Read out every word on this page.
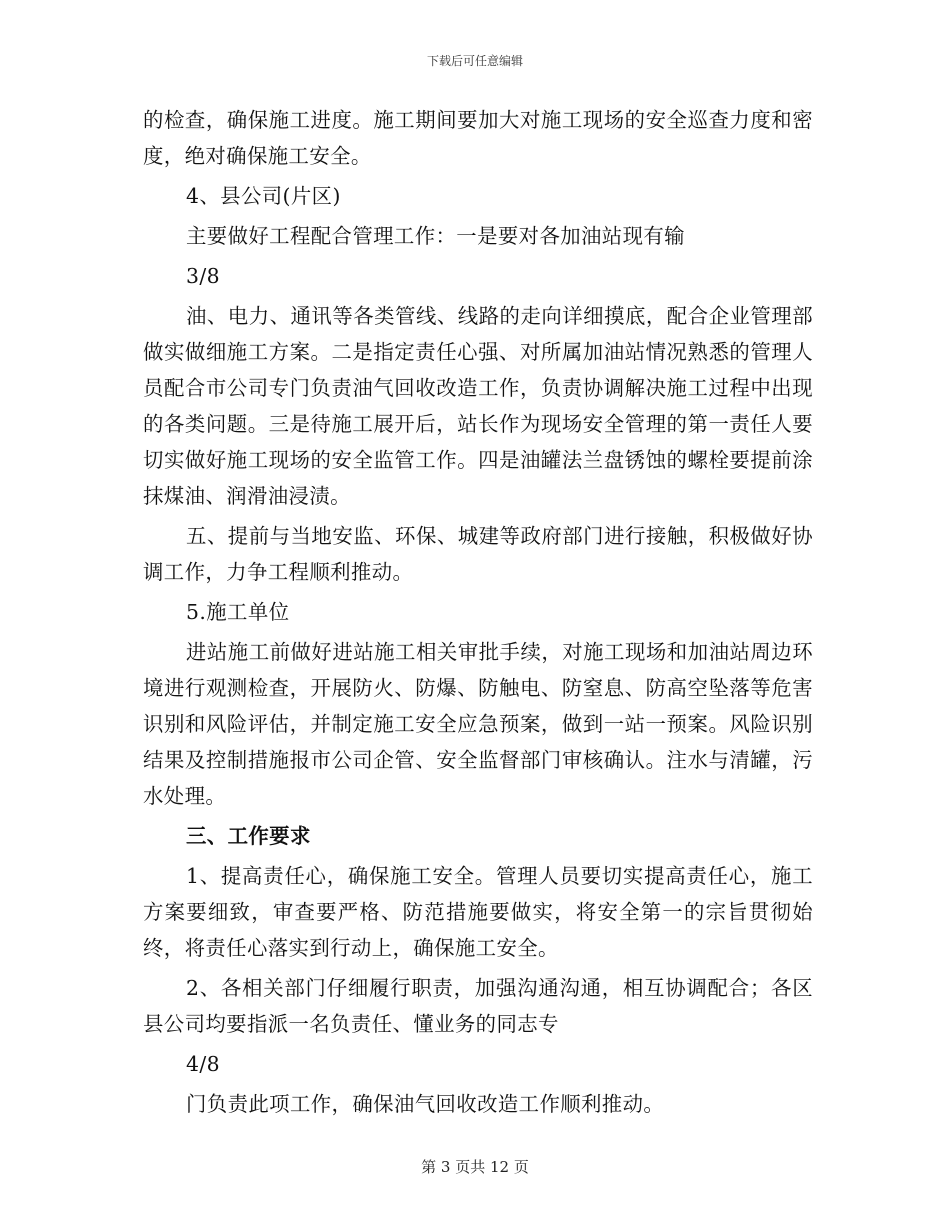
下载后可任意编辑

的检查，确保施工进度。施工期间要加大对施工现场的安全巡查力度和密度，绝对确保施工安全。

4、县公司(片区)

主要做好工程配合管理工作：一是要对各加油站现有输

3/8

油、电力、通讯等各类管线、线路的走向详细摸底，配合企业管理部做实做细施工方案。二是指定责任心强、对所属加油站情况熟悉的管理人员配合市公司专门负责油气回收改造工作，负责协调解决施工过程中出现的各类问题。三是待施工展开后，站长作为现场安全管理的第一责任人要切实做好施工现场的安全监管工作。四是油罐法兰盘锈蚀的螺栓要提前涂抹煤油、润滑油浸渍。

五、提前与当地安监、环保、城建等政府部门进行接触，积极做好协调工作，力争工程顺利推动。

5.施工单位

进站施工前做好进站施工相关审批手续，对施工现场和加油站周边环境进行观测检查，开展防火、防爆、防触电、防窒息、防高空坠落等危害识别和风险评估，并制定施工安全应急预案，做到一站一预案。风险识别结果及控制措施报市公司企管、安全监督部门审核确认。注水与清罐，污水处理。

三、工作要求

1、提高责任心，确保施工安全。管理人员要切实提高责任心，施工方案要细致，审查要严格、防范措施要做实，将安全第一的宗旨贯彻始终，将责任心落实到行动上，确保施工安全。

2、各相关部门仔细履行职责，加强沟通沟通，相互协调配合；各区县公司均要指派一名负责任、懂业务的同志专

4/8

门负责此项工作，确保油气回收改造工作顺利推动。

第 3 页共 12 页
